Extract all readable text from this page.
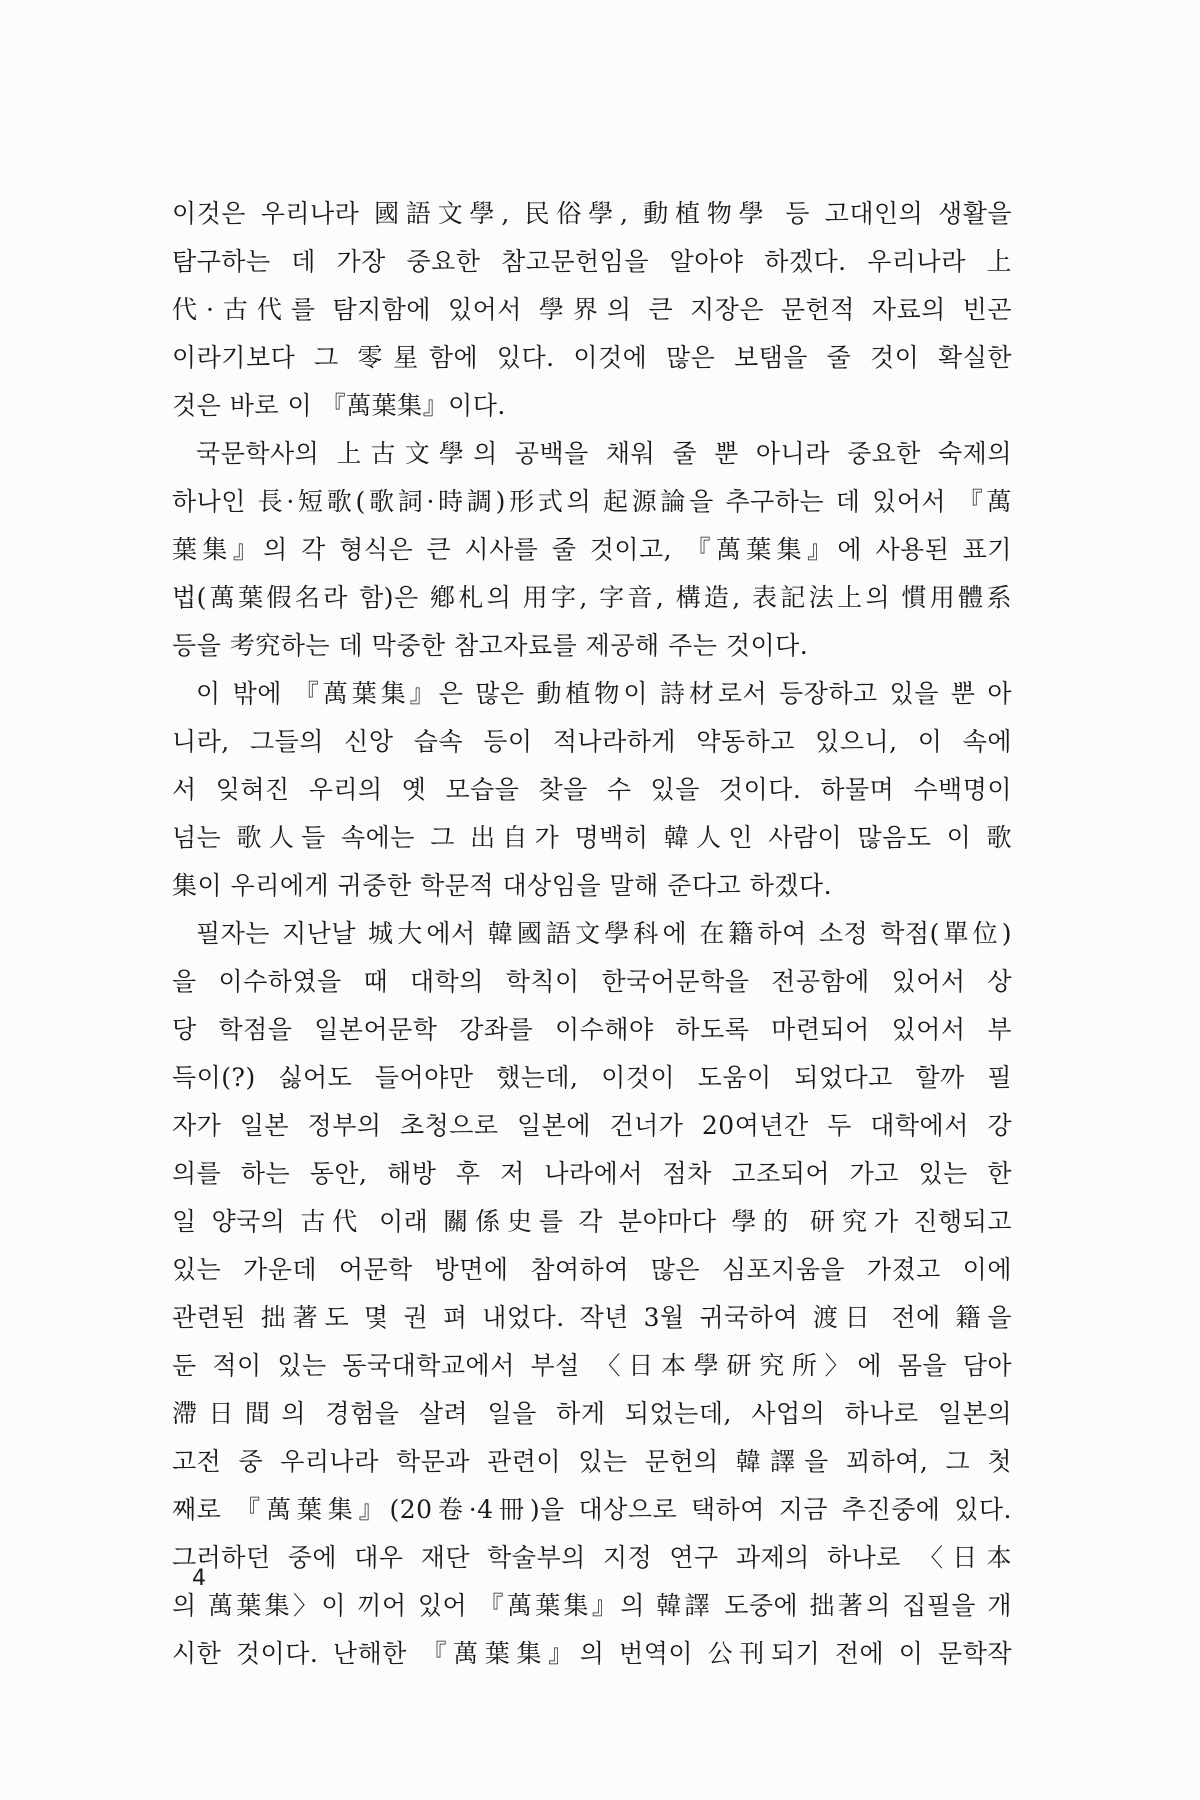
이것은 우리나라 國語文學, 民俗學, 動植物學 등 고대인의 생활을
탐구하는 데 가장 중요한 참고문헌임을 알아야 하겠다. 우리나라 上
代·古代를 탐지함에 있어서 學界의 큰 지장은 문헌적 자료의 빈곤
이라기보다 그 零星함에 있다. 이것에 많은 보탬을 줄 것이 확실한
것은 바로 이 『萬葉集』이다.
국문학사의 上古文學의 공백을 채워 줄 뿐 아니라 중요한 숙제의
하나인 長·短歌(歌詞·時調)形式의 起源論을 추구하는 데 있어서 『萬
葉集』의 각 형식은 큰 시사를 줄 것이고, 『萬葉集』에 사용된 표기
법(萬葉假名라 함)은 鄕札의 用字, 字音, 構造, 表記法上의 慣用體系
등을 考究하는 데 막중한 참고자료를 제공해 주는 것이다.
이 밖에 『萬葉集』은 많은 動植物이 詩材로서 등장하고 있을 뿐 아
니라, 그들의 신앙 습속 등이 적나라하게 약동하고 있으니, 이 속에
서 잊혀진 우리의 옛 모습을 찾을 수 있을 것이다. 하물며 수백명이
넘는 歌人들 속에는 그 出自가 명백히 韓人인 사람이 많음도 이 歌
集이 우리에게 귀중한 학문적 대상임을 말해 준다고 하겠다.
필자는 지난날 城大에서 韓國語文學科에 在籍하여 소정 학점(單位)
을 이수하였을 때 대학의 학칙이 한국어문학을 전공함에 있어서 상
당 학점을 일본어문학 강좌를 이수해야 하도록 마련되어 있어서 부
득이(?) 싫어도 들어야만 했는데, 이것이 도움이 되었다고 할까 필
자가 일본 정부의 초청으로 일본에 건너가 20여년간 두 대학에서 강
의를 하는 동안, 해방 후 저 나라에서 점차 고조되어 가고 있는 한
일 양국의 古代 이래 關係史를 각 분야마다 學的 研究가 진행되고
있는 가운데 어문학 방면에 참여하여 많은 심포지움을 가졌고 이에
관련된 拙著도 몇 권 펴 내었다. 작년 3월 귀국하여 渡日 전에 籍을
둔 적이 있는 동국대학교에서 부설 〈日本學研究所〉에 몸을 담아
滯日間의 경험을 살려 일을 하게 되었는데, 사업의 하나로 일본의
고전 중 우리나라 학문과 관련이 있는 문헌의 韓譯을 꾀하여, 그 첫
째로 『萬葉集』(20卷·4冊)을 대상으로 택하여 지금 추진중에 있다.
그러하던 중에 대우 재단 학술부의 지정 연구 과제의 하나로 〈日本
의 萬葉集〉이 끼어 있어 『萬葉集』의 韓譯 도중에 拙著의 집필을 개
시한 것이다. 난해한 『萬葉集』의 번역이 公刊되기 전에 이 문학작
4
